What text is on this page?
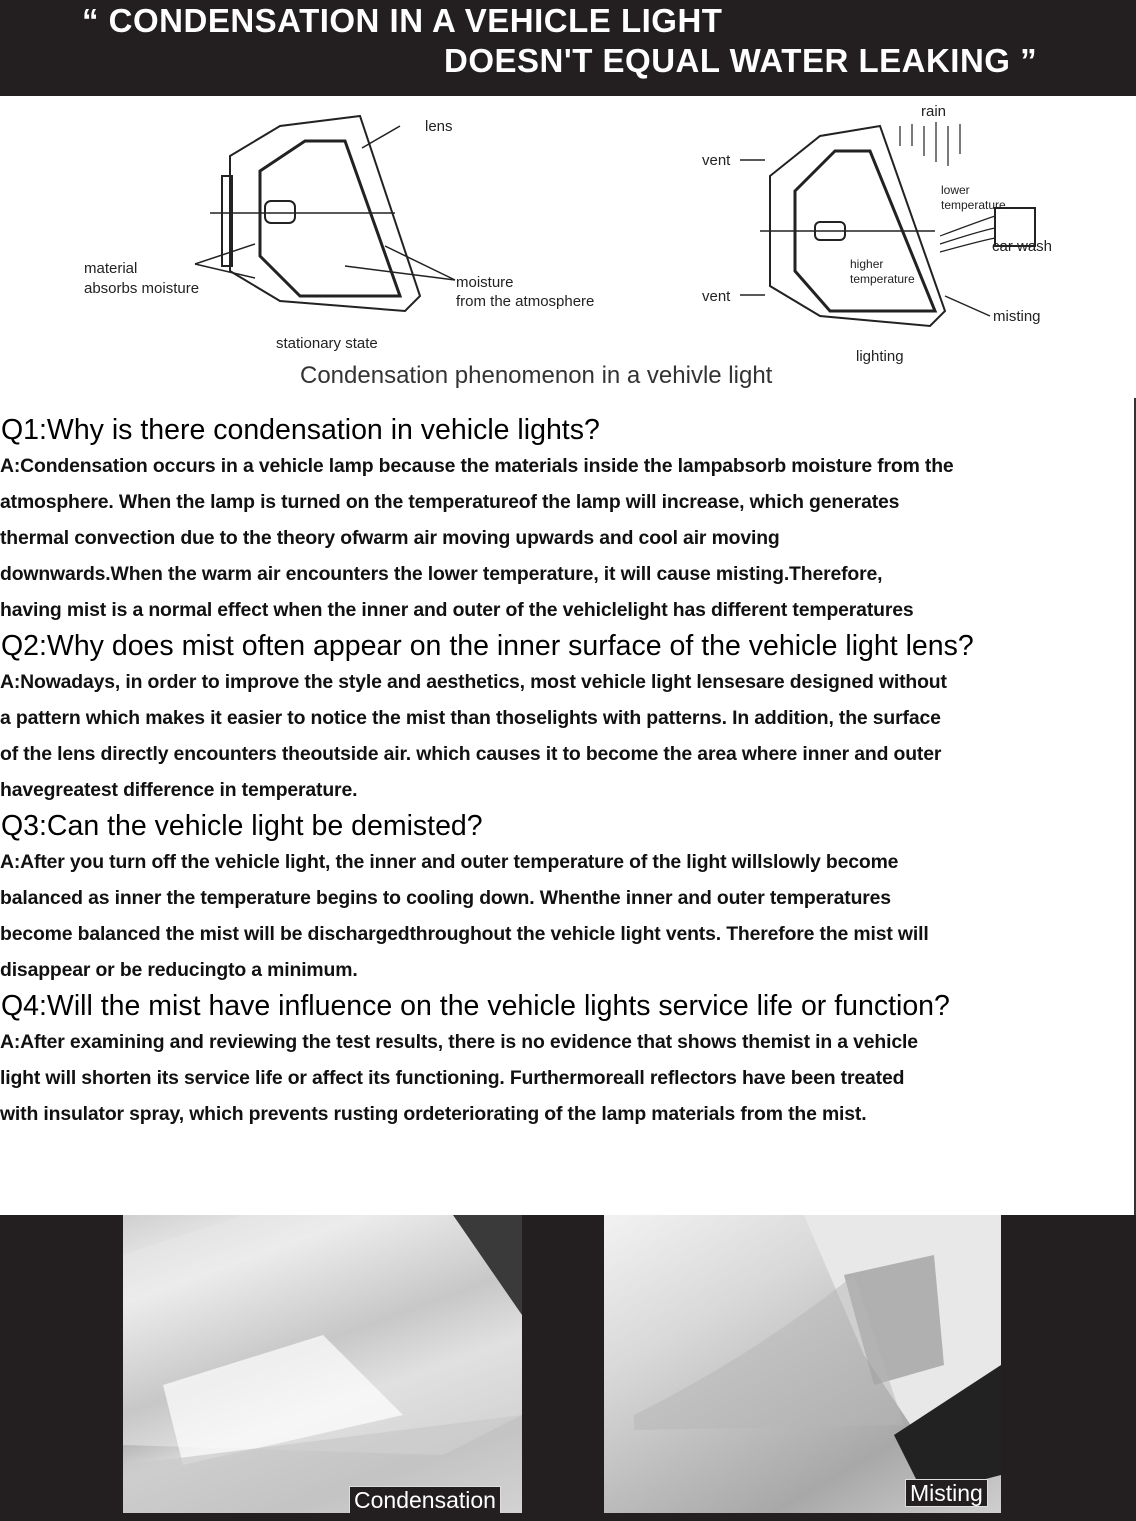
“ CONDENSATION IN A VEHICLE LIGHT
DOESN'T EQUAL WATER LEAKING ”
lens
material
absorbs moisture	moisture
from the atmosphere
stationary state
rain
vent
vent
lower
temperature
car wash
higher
temperature
misting
lighting
Condensation phenomenon in a vehivle light
Q1:Why is there condensation in vehicle lights?
A:Condensation occurs in a vehicle lamp because the materials inside the lampabsorb moisture from the
atmosphere. When the lamp is turned on the temperatureof the lamp will increase, which generates
thermal convection due to the theory ofwarm air moving upwards and cool air moving
downwards.When the warm air encounters the lower temperature, it will cause misting.Therefore,
having mist is a normal effect when the inner and outer of the vehiclelight has different temperatures
Q2:Why does mist often appear on the inner surface of the vehicle light lens?
A:Nowadays, in order to improve the style and aesthetics, most vehicle light lensesare designed without
a pattern which makes it easier to notice the mist than thoselights with patterns. In addition, the surface
of the lens directly encounters theoutside air. which causes it to become the area where inner and outer
havegreatest difference in temperature.
Q3:Can the vehicle light be demisted?
A:After you turn off the vehicle light, the inner and outer temperature of the light willslowly become
balanced as inner the temperature begins to cooling down. Whenthe inner and outer temperatures
become balanced the mist will be dischargedthroughout the vehicle light vents. Therefore the mist will
disappear or be reducingto a minimum.
Q4:Will the mist have influence on the vehicle lights service life or function?
A:After examining and reviewing the test results, there is no evidence that shows themist in a vehicle
light will shorten its service life or affect its functioning. Furthermoreall reflectors have been treated
with insulator spray, which prevents rusting ordeteriorating of the lamp materials from the mist.
Condensation	Misting
